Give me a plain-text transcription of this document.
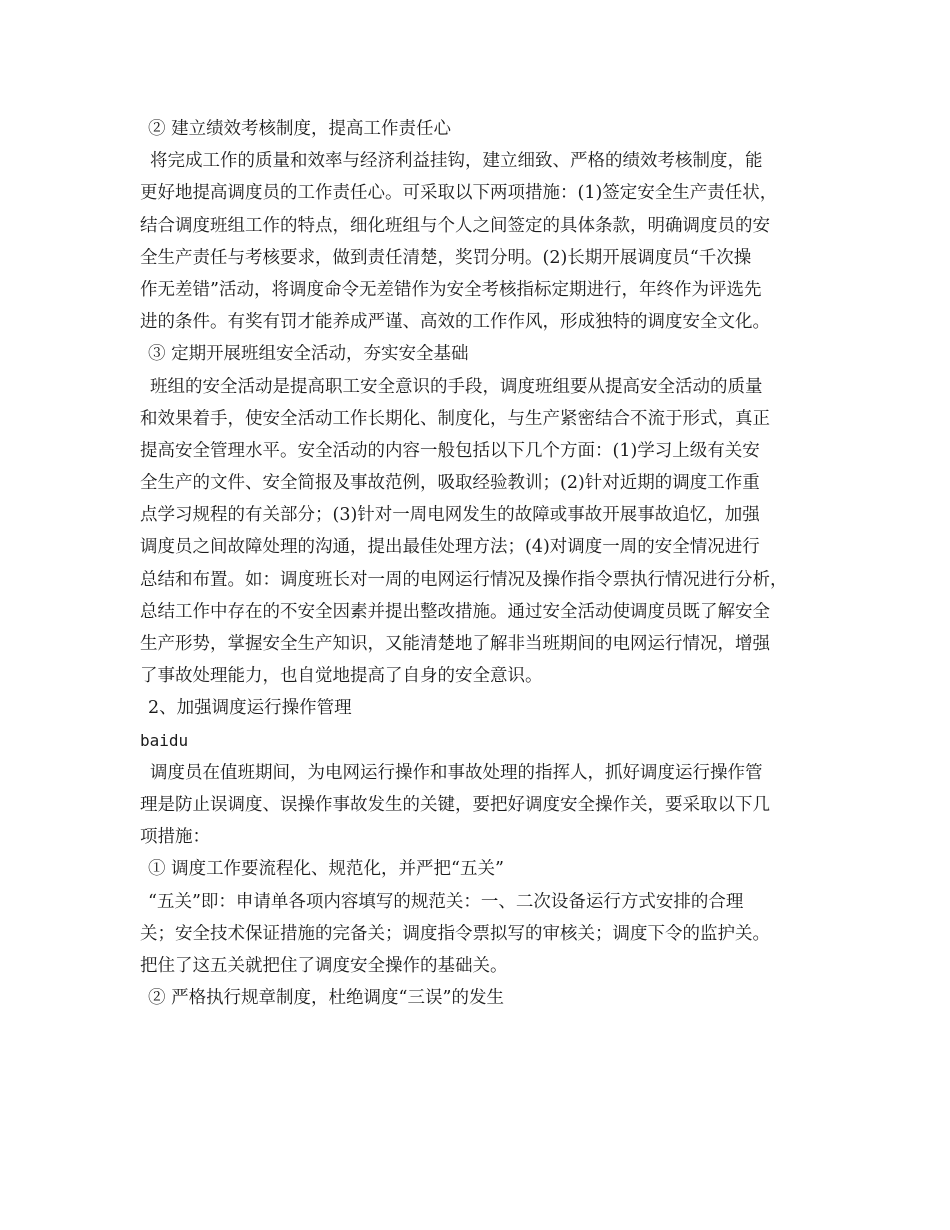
② 建立绩效考核制度，提高工作责任心
将完成工作的质量和效率与经济利益挂钩，建立细致、严格的绩效考核制度，能
更好地提高调度员的工作责任心。可采取以下两项措施：(1)签定安全生产责任状，
结合调度班组工作的特点，细化班组与个人之间签定的具体条款，明确调度员的安
全生产责任与考核要求，做到责任清楚，奖罚分明。(2)长期开展调度员“千次操
作无差错”活动，将调度命令无差错作为安全考核指标定期进行，年终作为评选先
进的条件。有奖有罚才能养成严谨、高效的工作作风，形成独特的调度安全文化。
③ 定期开展班组安全活动，夯实安全基础
班组的安全活动是提高职工安全意识的手段，调度班组要从提高安全活动的质量
和效果着手，使安全活动工作长期化、制度化，与生产紧密结合不流于形式，真正
提高安全管理水平。安全活动的内容一般包括以下几个方面：(1)学习上级有关安
全生产的文件、安全简报及事故范例，吸取经验教训；(2)针对近期的调度工作重
点学习规程的有关部分；(3)针对一周电网发生的故障或事故开展事故追忆，加强
调度员之间故障处理的沟通，提出最佳处理方法；(4)对调度一周的安全情况进行
总结和布置。如：调度班长对一周的电网运行情况及操作指令票执行情况进行分析，
总结工作中存在的不安全因素并提出整改措施。通过安全活动使调度员既了解安全
生产形势，掌握安全生产知识，又能清楚地了解非当班期间的电网运行情况，增强
了事故处理能力，也自觉地提高了自身的安全意识。
2、加强调度运行操作管理
baidu
调度员在值班期间，为电网运行操作和事故处理的指挥人，抓好调度运行操作管
理是防止误调度、误操作事故发生的关键，要把好调度安全操作关，要采取以下几
项措施：
① 调度工作要流程化、规范化，并严把“五关”
“五关”即：申请单各项内容填写的规范关：一、二次设备运行方式安排的合理
关；安全技术保证措施的完备关；调度指令票拟写的审核关；调度下令的监护关。
把住了这五关就把住了调度安全操作的基础关。
② 严格执行规章制度，杜绝调度“三误”的发生
